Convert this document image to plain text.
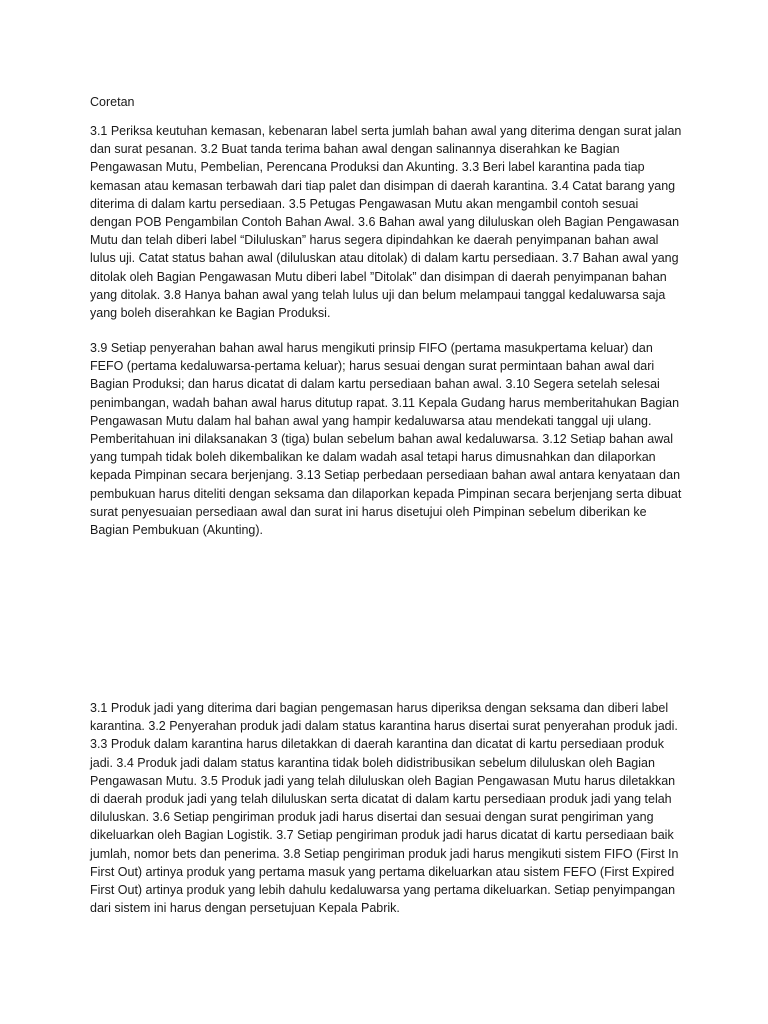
Coretan

3.1 Periksa keutuhan kemasan, kebenaran label serta jumlah bahan awal yang diterima dengan surat jalan dan surat pesanan. 3.2 Buat tanda terima bahan awal dengan salinannya diserahkan ke Bagian Pengawasan Mutu, Pembelian, Perencana Produksi dan Akunting. 3.3 Beri label karantina pada tiap kemasan atau kemasan terbawah dari tiap palet dan disimpan di daerah karantina. 3.4 Catat barang yang diterima di dalam kartu persediaan. 3.5 Petugas Pengawasan Mutu akan mengambil contoh sesuai dengan POB Pengambilan Contoh Bahan Awal. 3.6 Bahan awal yang diluluskan oleh Bagian Pengawasan Mutu dan telah diberi label “Diluluskan” harus segera dipindahkan ke daerah penyimpanan bahan awal lulus uji. Catat status bahan awal (diluluskan atau ditolak) di dalam kartu persediaan. 3.7 Bahan awal yang ditolak oleh Bagian Pengawasan Mutu diberi label ”Ditolak” dan disimpan di daerah penyimpanan bahan yang ditolak. 3.8 Hanya bahan awal yang telah lulus uji dan belum melampaui tanggal kedaluwarsa saja yang boleh diserahkan ke Bagian Produksi.

3.9 Setiap penyerahan bahan awal harus mengikuti prinsip FIFO (pertama masukpertama keluar) dan FEFO (pertama kedaluwarsa-pertama keluar); harus sesuai dengan surat permintaan bahan awal dari Bagian Produksi; dan harus dicatat di dalam kartu persediaan bahan awal. 3.10 Segera setelah selesai penimbangan, wadah bahan awal harus ditutup rapat. 3.11 Kepala Gudang harus memberitahukan Bagian Pengawasan Mutu dalam hal bahan awal yang hampir kedaluwarsa atau mendekati tanggal uji ulang. Pemberitahuan ini dilaksanakan 3 (tiga) bulan sebelum bahan awal kedaluwarsa. 3.12 Setiap bahan awal yang tumpah tidak boleh dikembalikan ke dalam wadah asal tetapi harus dimusnahkan dan dilaporkan kepada Pimpinan secara berjenjang. 3.13 Setiap perbedaan persediaan bahan awal antara kenyataan dan pembukuan harus diteliti dengan seksama dan dilaporkan kepada Pimpinan secara berjenjang serta dibuat surat penyesuaian persediaan awal dan surat ini harus disetujui oleh Pimpinan sebelum diberikan ke Bagian Pembukuan (Akunting).

3.1 Produk jadi yang diterima dari bagian pengemasan harus diperiksa dengan seksama dan diberi label karantina. 3.2 Penyerahan produk jadi dalam status karantina harus disertai surat penyerahan produk jadi. 3.3 Produk dalam karantina harus diletakkan di daerah karantina dan dicatat di kartu persediaan produk jadi. 3.4 Produk jadi dalam status karantina tidak boleh didistribusikan sebelum diluluskan oleh Bagian Pengawasan Mutu. 3.5 Produk jadi yang telah diluluskan oleh Bagian Pengawasan Mutu harus diletakkan di daerah produk jadi yang telah diluluskan serta dicatat di dalam kartu persediaan produk jadi yang telah diluluskan. 3.6 Setiap pengiriman produk jadi harus disertai dan sesuai dengan surat pengiriman yang dikeluarkan oleh Bagian Logistik. 3.7 Setiap pengiriman produk jadi harus dicatat di kartu persediaan baik jumlah, nomor bets dan penerima. 3.8 Setiap pengiriman produk jadi harus mengikuti sistem FIFO (First In First Out) artinya produk yang pertama masuk yang pertama dikeluarkan atau sistem FEFO (First Expired First Out) artinya produk yang lebih dahulu kedaluwarsa yang pertama dikeluarkan. Setiap penyimpangan dari sistem ini harus dengan persetujuan Kepala Pabrik.
